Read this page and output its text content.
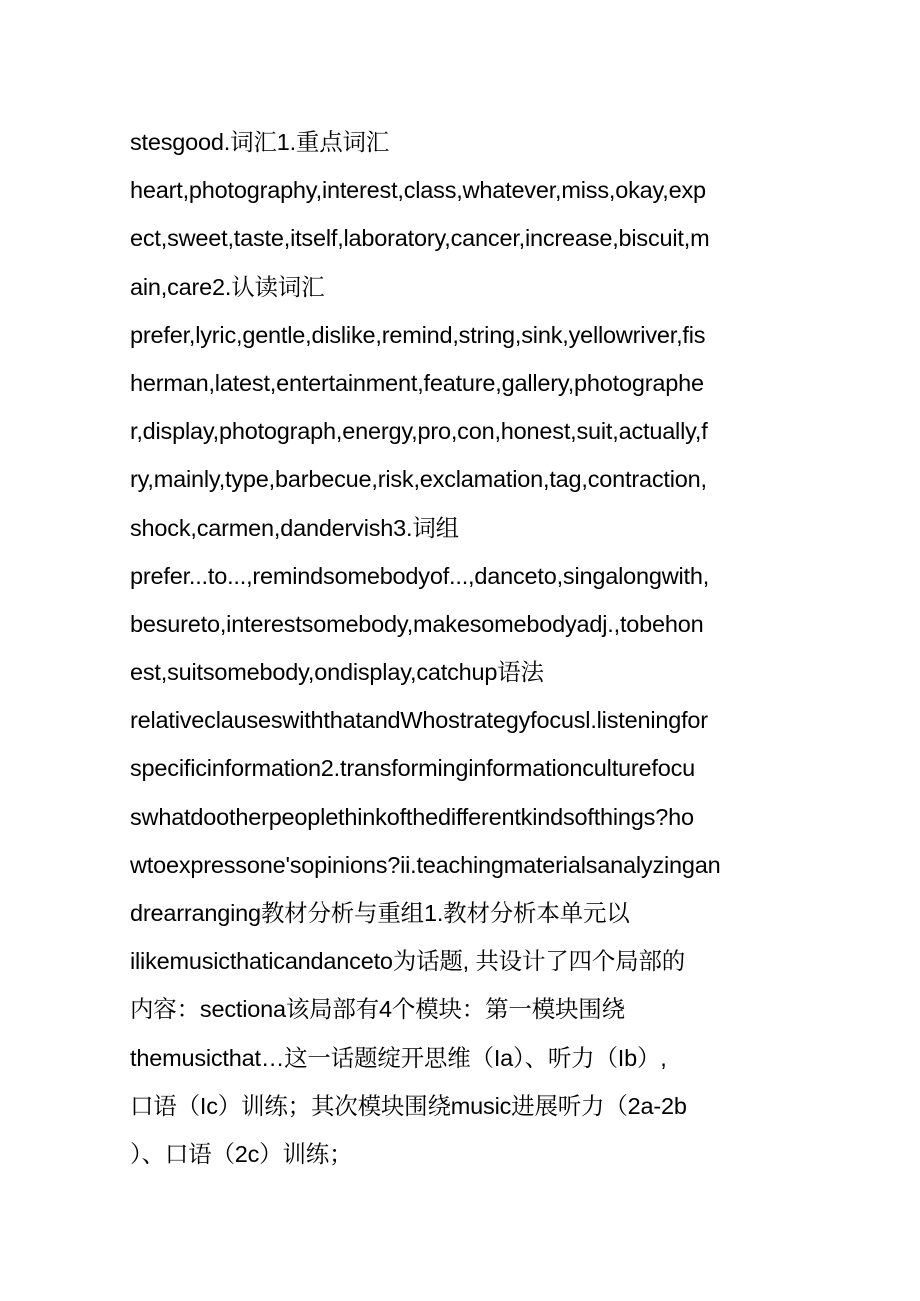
stesgood.词汇1.重点词汇
heart,photography,interest,class,whatever,miss,okay,exp
ect,sweet,taste,itself,laboratory,cancer,increase,biscuit,m
ain,care2.认读词汇
prefer,lyric,gentle,dislike,remind,string,sink,yellowriver,fis
herman,latest,entertainment,feature,gallery,photographe
r,display,photograph,energy,pro,con,honest,suit,actually,f
ry,mainly,type,barbecue,risk,exclamation,tag,contraction,
shock,carmen,dandervish3.词组
prefer...to...,remindsomebodyof...,danceto,singalongwith,
besureto,interestsomebody,makesomebodyadj.,tobehon
est,suitsomebody,ondisplay,catchup语法
relativeclauseswiththatandWhostrategyfocusl.listeningfor
specificinformation2.transforminginformationculturefocu
swhatdootherpeoplethinkofthedifferentkindsofthings?ho
wtoexpressone'sopinions?ii.teachingmaterialsanalyzingan
drearranging教材分析与重组1.教材分析本单元以
ilikemusicthaticandanceto为话题, 共设计了四个局部的
内容：sectiona该局部有4个模块：第一模块围绕
themusicthat…这一话题绽开思维（Ia）、听力（Ib）,
口语（Ic）训练；其次模块围绕music进展听力（2a-2b
）、口语（2c）训练；
